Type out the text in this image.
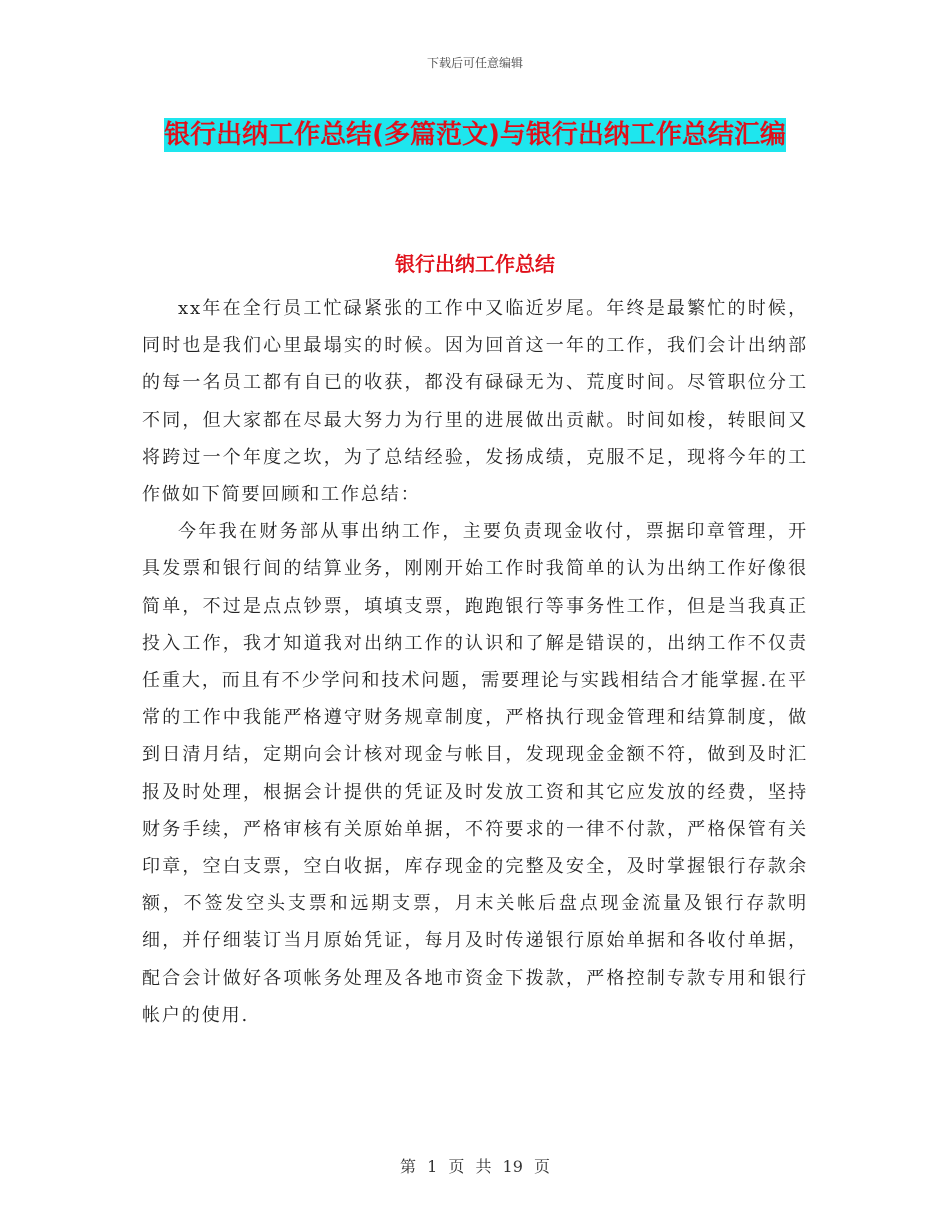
下载后可任意编辑
银行出纳工作总结(多篇范文)与银行出纳工作总结汇编
银行出纳工作总结

xx年在全行员工忙碌紧张的工作中又临近岁尾。年终是最繁忙的时候，同时也是我们心里最塌实的时候。因为回首这一年的工作，我们会计出纳部的每一名员工都有自已的收获，都没有碌碌无为、荒度时间。尽管职位分工不同，但大家都在尽最大努力为行里的进展做出贡献。时间如梭，转眼间又将跨过一个年度之坎，为了总结经验，发扬成绩，克服不足，现将今年的工作做如下简要回顾和工作总结：

今年我在财务部从事出纳工作，主要负责现金收付，票据印章管理，开具发票和银行间的结算业务，刚刚开始工作时我简单的认为出纳工作好像很简单，不过是点点钞票，填填支票，跑跑银行等事务性工作，但是当我真正投入工作，我才知道我对出纳工作的认识和了解是错误的，出纳工作不仅责任重大，而且有不少学问和技术问题，需要理论与实践相结合才能掌握.在平常的工作中我能严格遵守财务规章制度，严格执行现金管理和结算制度，做到日清月结，定期向会计核对现金与帐目，发现现金金额不符，做到及时汇报及时处理，根据会计提供的凭证及时发放工资和其它应发放的经费，坚持财务手续，严格审核有关原始单据，不符要求的一律不付款，严格保管有关印章，空白支票，空白收据，库存现金的完整及安全，及时掌握银行存款余额，不签发空头支票和远期支票，月末关帐后盘点现金流量及银行存款明细，并仔细装订当月原始凭证，每月及时传递银行原始单据和各收付单据，配合会计做好各项帐务处理及各地市资金下拨款，严格控制专款专用和银行帐户的使用.

第 1 页 共 19 页
